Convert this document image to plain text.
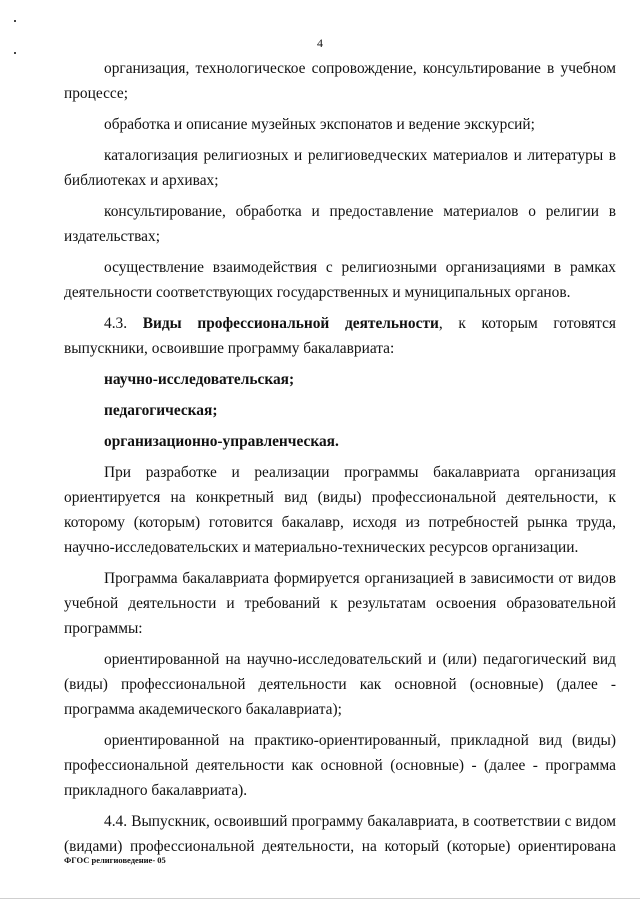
4

организация, технологическое сопровождение, консультирование в учебном процессе;

обработка и описание музейных экспонатов и ведение экскурсий;

каталогизация религиозных и религиоведческих материалов и литературы в библиотеках и архивах;

консультирование, обработка и предоставление материалов о религии в издательствах;

осуществление взаимодействия с религиозными организациями в рамках деятельности соответствующих государственных и муниципальных органов.

4.3. Виды профессиональной деятельности, к которым готовятся выпускники, освоившие программу бакалавриата:

научно-исследовательская;

педагогическая;

организационно-управленческая.

При разработке и реализации программы бакалавриата организация ориентируется на конкретный вид (виды) профессиональной деятельности, к которому (которым) готовится бакалавр, исходя из потребностей рынка труда, научно-исследовательских и материально-технических ресурсов организации.

Программа бакалавриата формируется организацией в зависимости от видов учебной деятельности и требований к результатам освоения образовательной программы:

ориентированной на научно-исследовательский и (или) педагогический вид (виды) профессиональной деятельности как основной (основные) (далее - программа академического бакалавриата);

ориентированной на практико-ориентированный, прикладной вид (виды) профессиональной деятельности как основной (основные) - (далее - программа прикладного бакалавриата).

4.4. Выпускник, освоивший программу бакалавриата, в соответствии с видом (видами) профессиональной деятельности, на который (которые) ориентирована

ФГОС религиоведение- 05
